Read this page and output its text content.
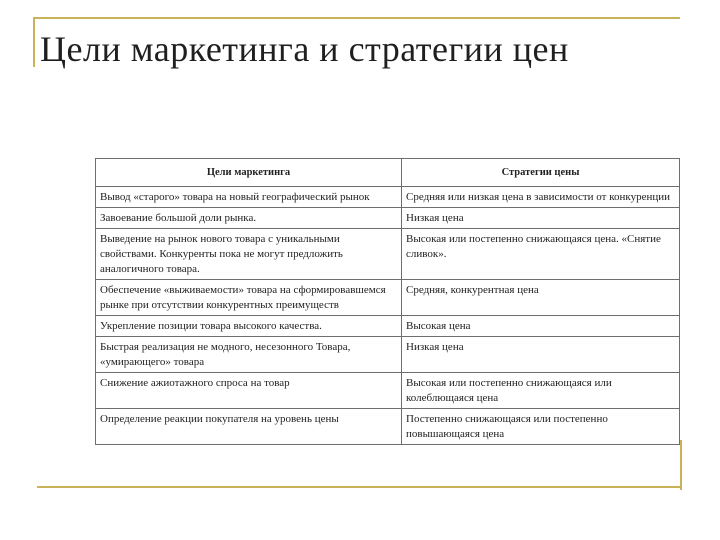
Цели маркетинга и стратегии цен
Цели маркетинга	Стратегии цены
Вывод «старого» товара на новый географический рынок	Средняя или низкая цена в зависимости от конкуренции
Завоевание большой доли рынка.	Низкая цена
Выведение на рынок нового товара с уникальными свойствами. Конкуренты пока не могут предложить аналогичного товара.	Высокая или постепенно снижающаяся цена. «Снятие сливок».
Обеспечение «выживаемости» товара на сформировавшемся рынке при отсутствии конкурентных преимуществ	Средняя, конкурентная цена
Укрепление позиции товара высокого качества.	Высокая цена
Быстрая реализация не модного, несезонного Товара, «умирающего» товара	Низкая цена
Снижение ажиотажного спроса на товар	Высокая или постепенно снижающаяся или колеблющаяся цена
Определение реакции покупателя на уровень цены	Постепенно снижающаяся или постепенно повышающаяся цена
